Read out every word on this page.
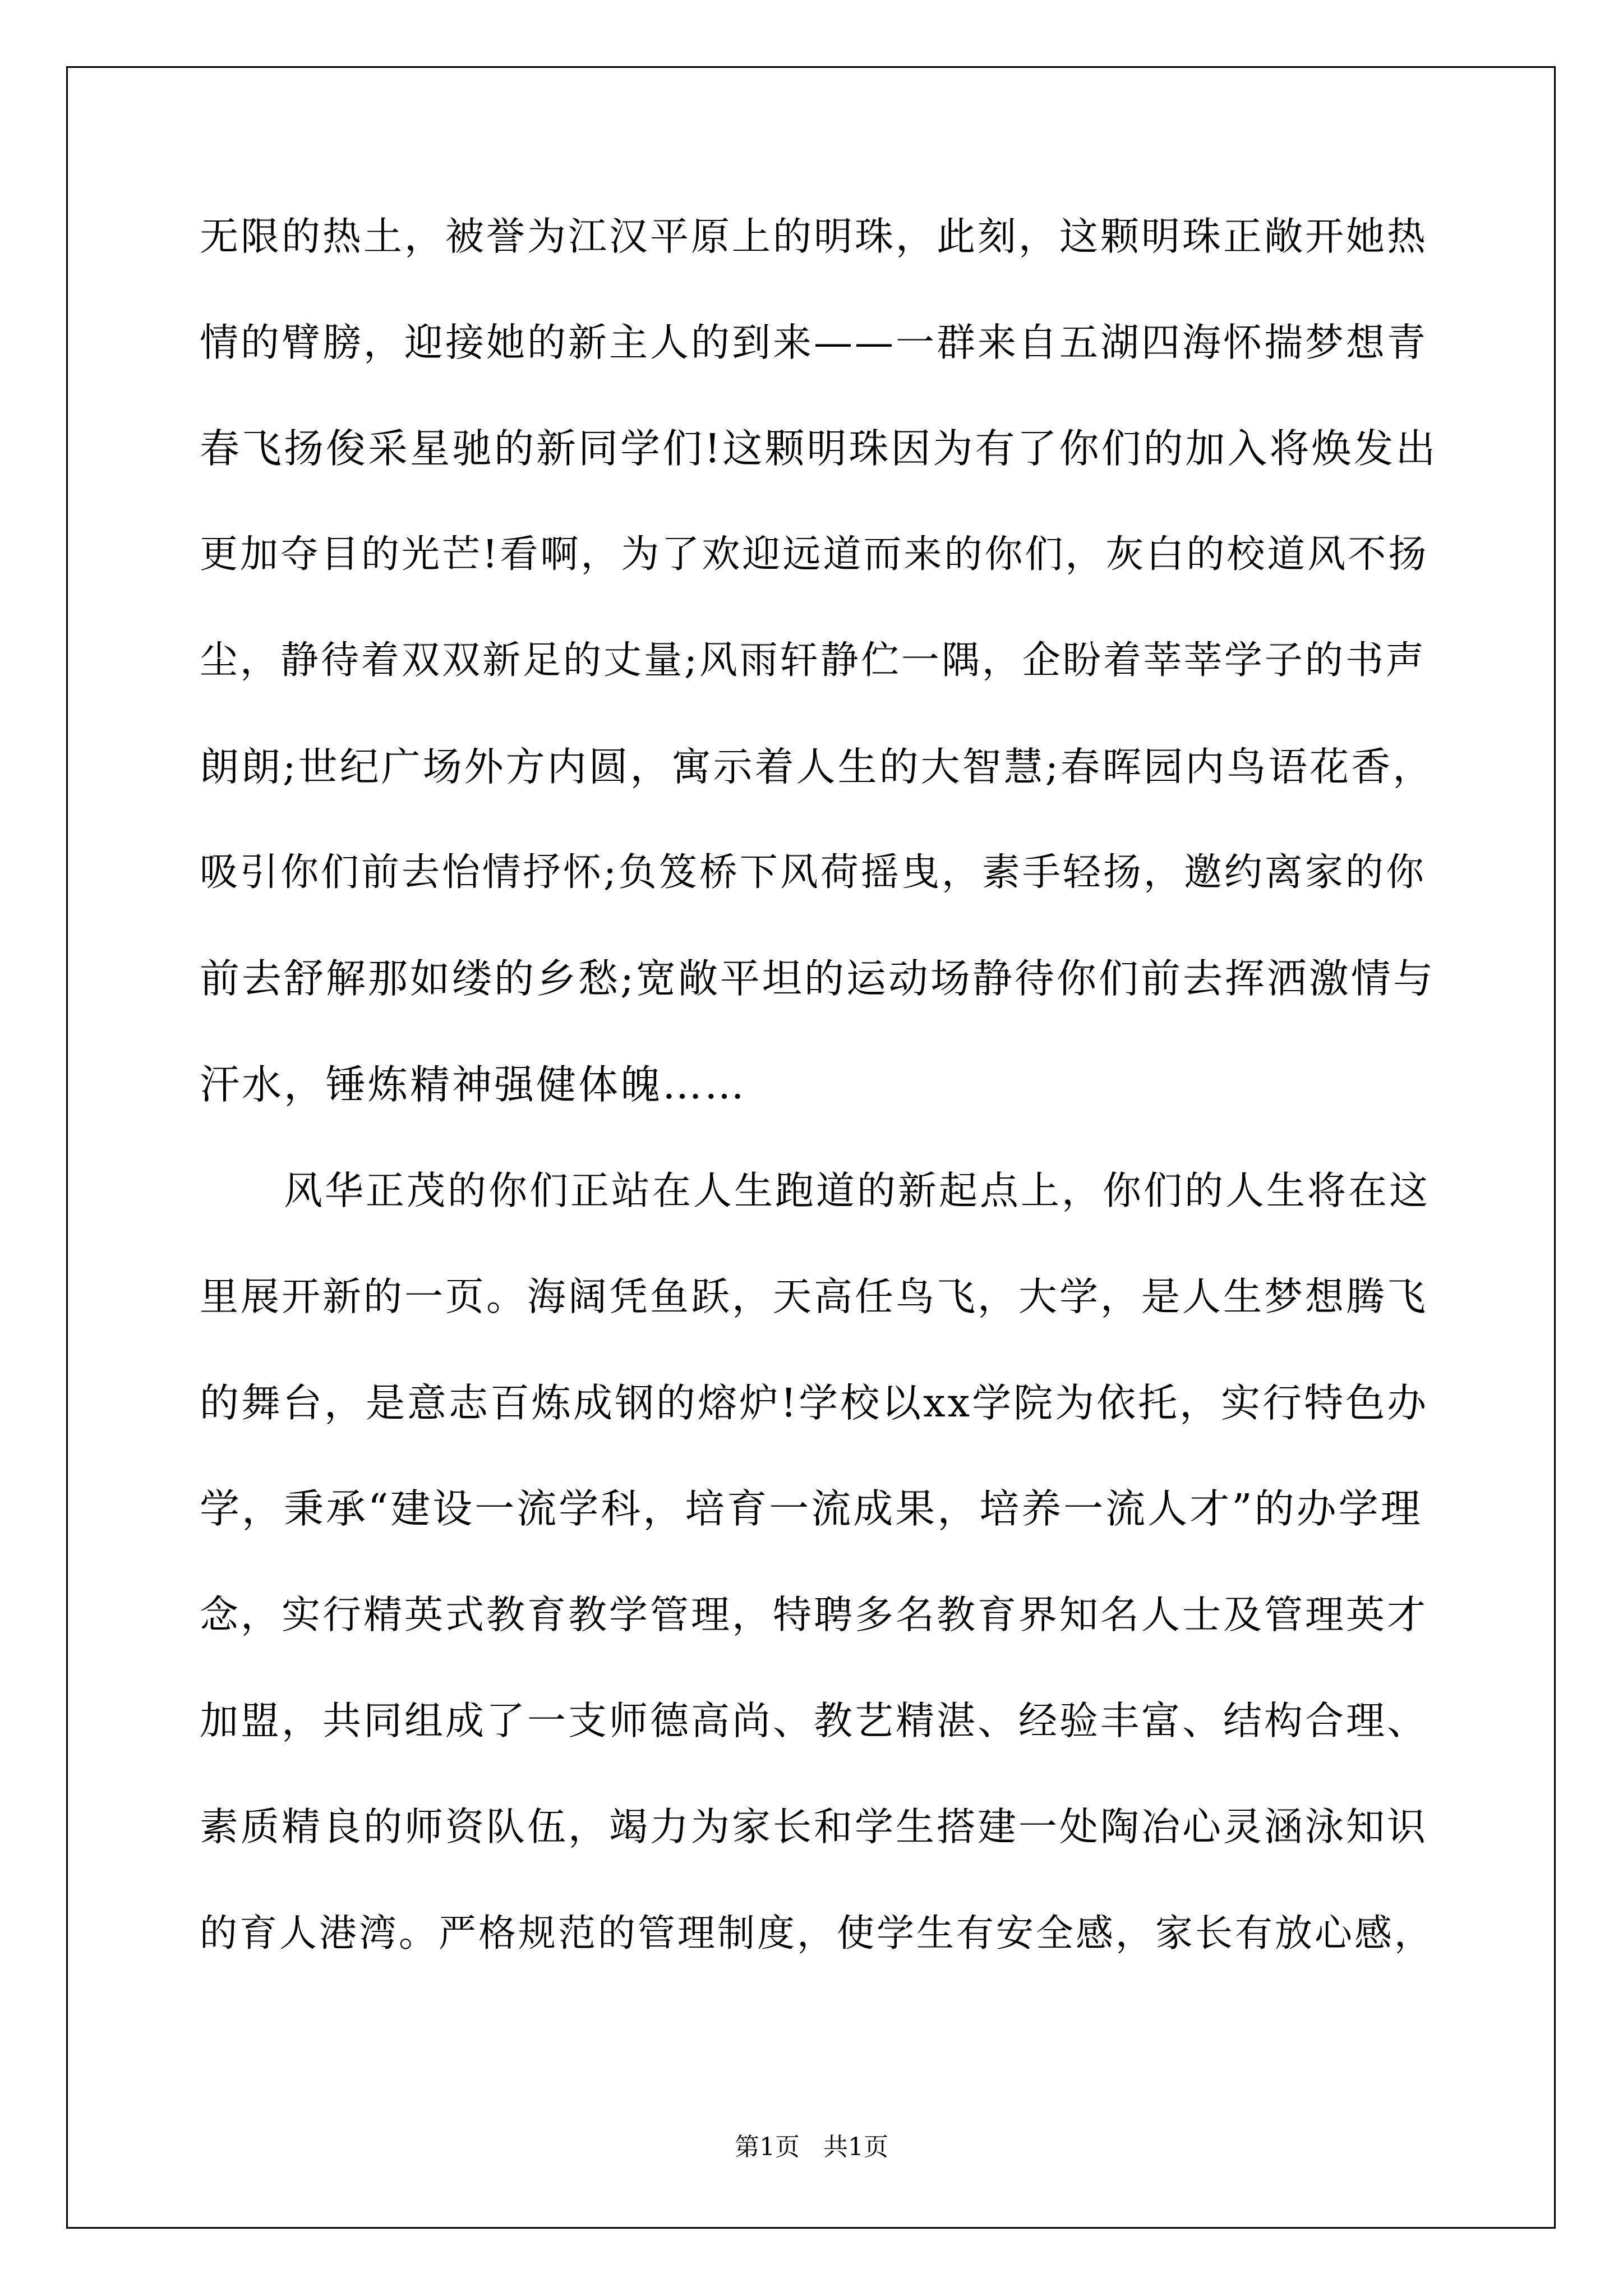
无限的热土，被誉为江汉平原上的明珠，此刻，这颗明珠正敞开她热
情的臂膀，迎接她的新主人的到来——一群来自五湖四海怀揣梦想青
春飞扬俊采星驰的新同学们!这颗明珠因为有了你们的加入将焕发出
更加夺目的光芒!看啊，为了欢迎远道而来的你们，灰白的校道风不扬
尘，静待着双双新足的丈量;风雨轩静伫一隅，企盼着莘莘学子的书声
朗朗;世纪广场外方内圆，寓示着人生的大智慧;春晖园内鸟语花香，
吸引你们前去怡情抒怀;负笈桥下风荷摇曳，素手轻扬，邀约离家的你
前去舒解那如缕的乡愁;宽敞平坦的运动场静待你们前去挥洒激情与
汗水，锤炼精神强健体魄……
风华正茂的你们正站在人生跑道的新起点上，你们的人生将在这
里展开新的一页。海阔凭鱼跃，天高任鸟飞，大学，是人生梦想腾飞
的舞台，是意志百炼成钢的熔炉!学校以xx学院为依托，实行特色办
学，秉承“建设一流学科，培育一流成果，培养一流人才”的办学理
念，实行精英式教育教学管理，特聘多名教育界知名人士及管理英才
加盟，共同组成了一支师德高尚、教艺精湛、经验丰富、结构合理、
素质精良的师资队伍，竭力为家长和学生搭建一处陶冶心灵涵泳知识
的育人港湾。严格规范的管理制度，使学生有安全感，家长有放心感，
第1页   共1页
